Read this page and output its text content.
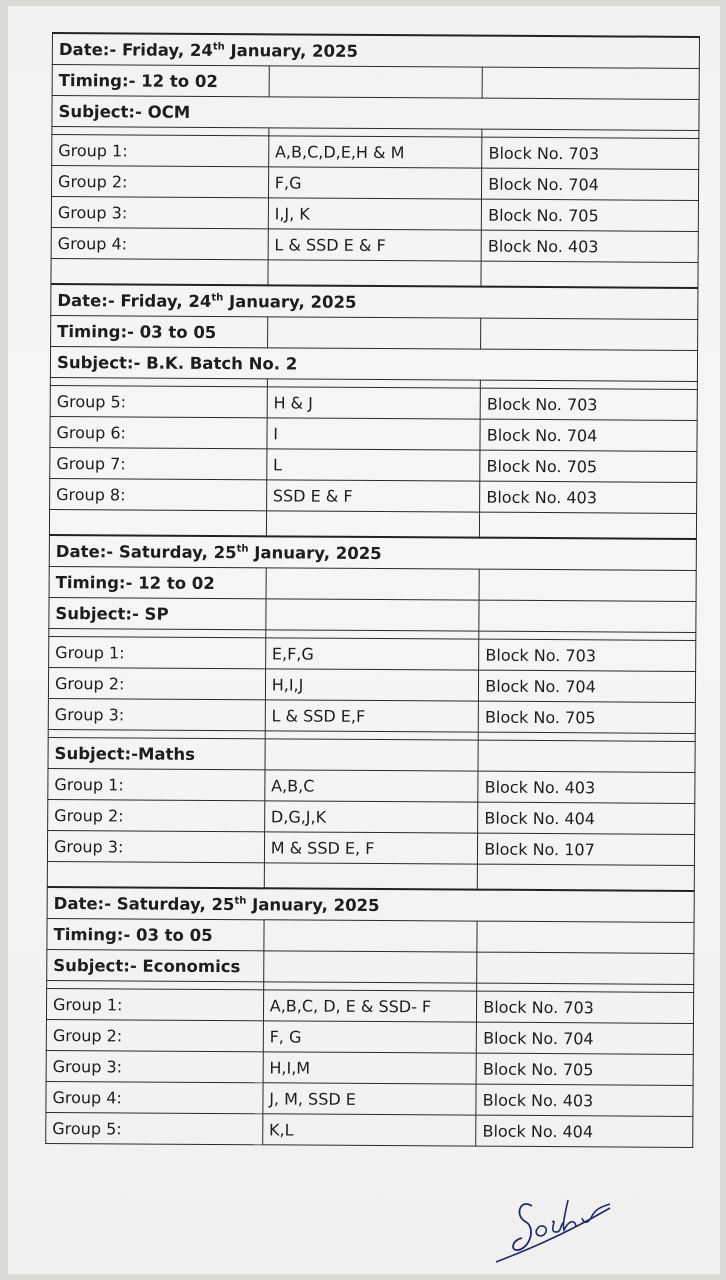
Date:- Friday, 24th January, 2025		
Timing:- 12 to 02		
Subject:- OCM		

Group 1:	A,B,C,D,E,H & M	Block No. 703
Group 2:	F,G	Block No. 704
Group 3:	I,J, K	Block No. 705
Group 4:	L & SSD E & F	Block No. 403

Date:- Friday, 24th January, 2025		
Timing:- 03 to 05		
Subject:- B.K. Batch No. 2		

Group 5:	H & J	Block No. 703
Group 6:	I	Block No. 704
Group 7:	L	Block No. 705
Group 8:	SSD E & F	Block No. 403

Date:- Saturday, 25th January, 2025		
Timing:- 12 to 02		
Subject:- SP		

Group 1:	E,F,G	Block No. 703
Group 2:	H,I,J	Block No. 704
Group 3:	L & SSD E,F	Block No. 705

Subject:-Maths		
Group 1:	A,B,C	Block No. 403
Group 2:	D,G,J,K	Block No. 404
Group 3:	M & SSD E, F	Block No. 107

Date:- Saturday, 25th January, 2025		
Timing:- 03 to 05		
Subject:- Economics		

Group 1:	A,B,C, D, E & SSD- F	Block No. 703
Group 2:	F, G	Block No. 704
Group 3:	H,I,M	Block No. 705
Group 4:	J, M, SSD E	Block No. 403
Group 5:	K,L	Block No. 404
